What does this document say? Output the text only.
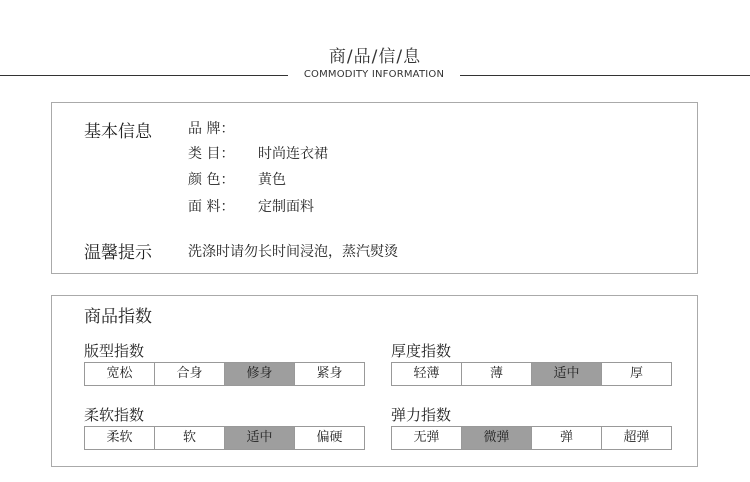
商/品/信/息
COMMODITY INFORMATION
基本信息	品 牌：
类 目： 时尚连衣裙
颜 色： 黄色
面 料： 定制面料
温馨提示	洗涤时请勿长时间浸泡，蒸汽熨烫
商品指数
版型指数
宽松	合身	修身	紧身
厚度指数
轻薄	薄	适中	厚
柔软指数
柔软	软	适中	偏硬
弹力指数
无弹	微弹	弹	超弹
